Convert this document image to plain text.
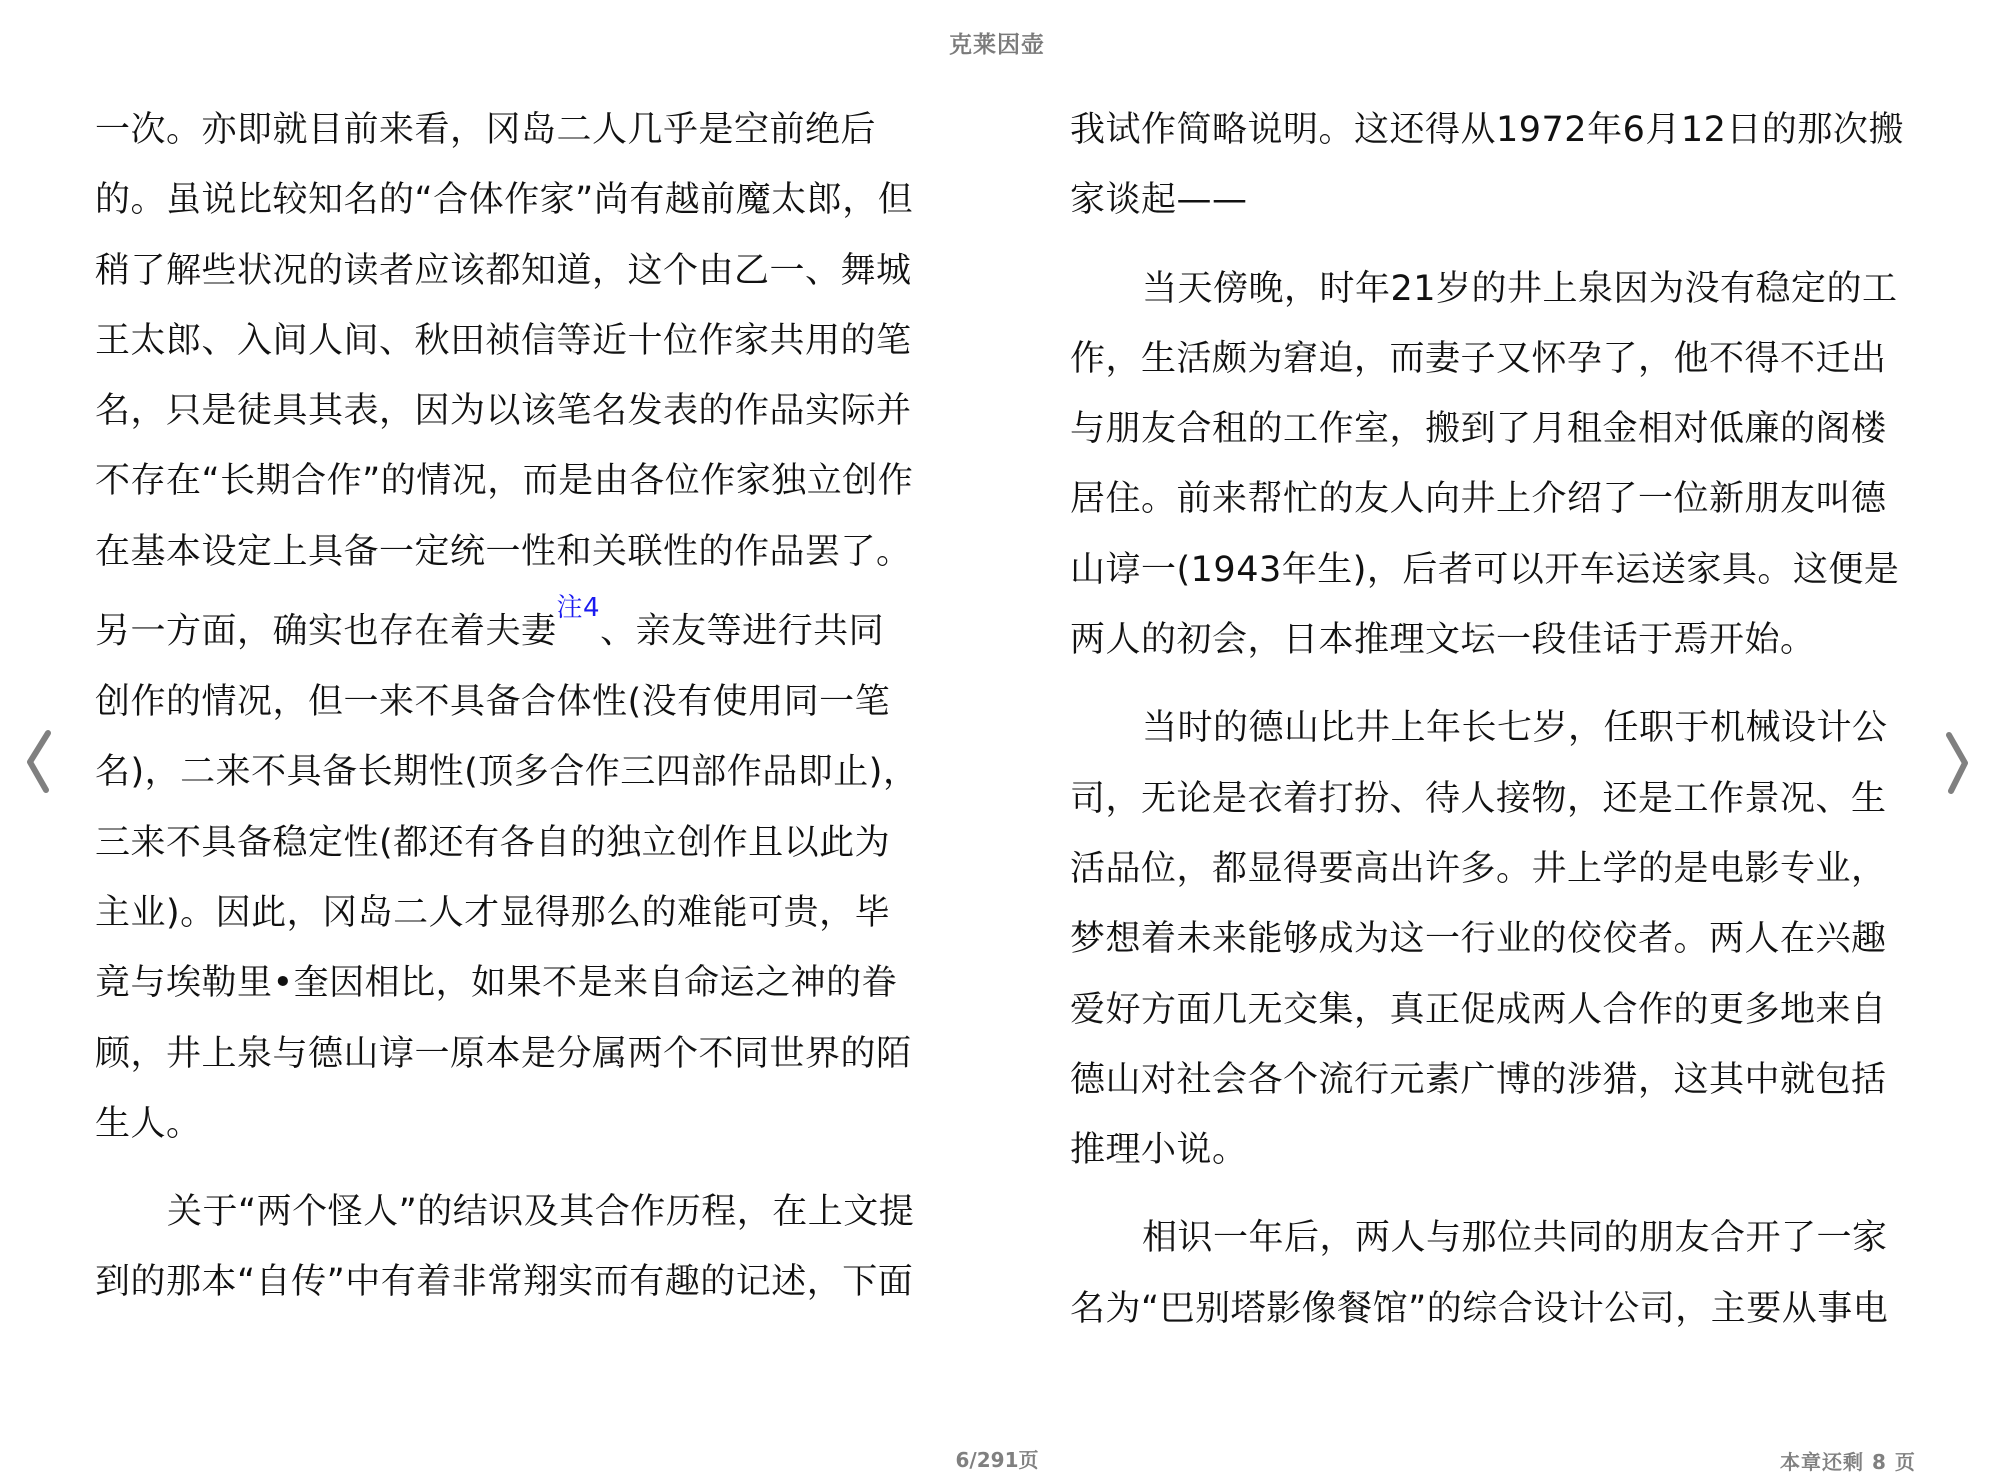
克莱因壶
一次。亦即就目前来看，冈岛二人几乎是空前绝后
的。虽说比较知名的“合体作家”尚有越前魔太郎，但
稍了解些状况的读者应该都知道，这个由乙一、舞城
王太郎、入间人间、秋田祯信等近十位作家共用的笔
名，只是徒具其表，因为以该笔名发表的作品实际并
不存在“长期合作”的情况，而是由各位作家独立创作
在基本设定上具备一定统一性和关联性的作品罢了。
另一方面，确实也存在着夫妻$^{注4}$、亲友等进行共同
创作的情况，但一来不具备合体性(没有使用同一笔
名)，二来不具备长期性(顶多合作三四部作品即止)，
三来不具备稳定性(都还有各自的独立创作且以此为
主业)。因此，冈岛二人才显得那么的难能可贵，毕
竟与埃勒里•奎因相比，如果不是来自命运之神的眷
顾，井上泉与德山谆一原本是分属两个不同世界的陌
生人。
关于“两个怪人”的结识及其合作历程，在上文提
到的那本“自传”中有着非常翔实而有趣的记述，下面
我试作简略说明。这还得从1972年6月12日的那次搬
家谈起——
当天傍晚，时年21岁的井上泉因为没有稳定的工
作，生活颇为窘迫，而妻子又怀孕了，他不得不迁出
与朋友合租的工作室，搬到了月租金相对低廉的阁楼
居住。前来帮忙的友人向井上介绍了一位新朋友叫德
山谆一(1943年生)，后者可以开车运送家具。这便是
两人的初会，日本推理文坛一段佳话于焉开始。
当时的德山比井上年长七岁，任职于机械设计公
司，无论是衣着打扮、待人接物，还是工作景况、生
活品位，都显得要高出许多。井上学的是电影专业，
梦想着未来能够成为这一行业的佼佼者。两人在兴趣
爱好方面几无交集，真正促成两人合作的更多地来自
德山对社会各个流行元素广博的涉猎，这其中就包括
推理小说。
相识一年后，两人与那位共同的朋友合开了一家
名为“巴别塔影像餐馆”的综合设计公司，主要从事电
6/291页	本章还剩 8 页
